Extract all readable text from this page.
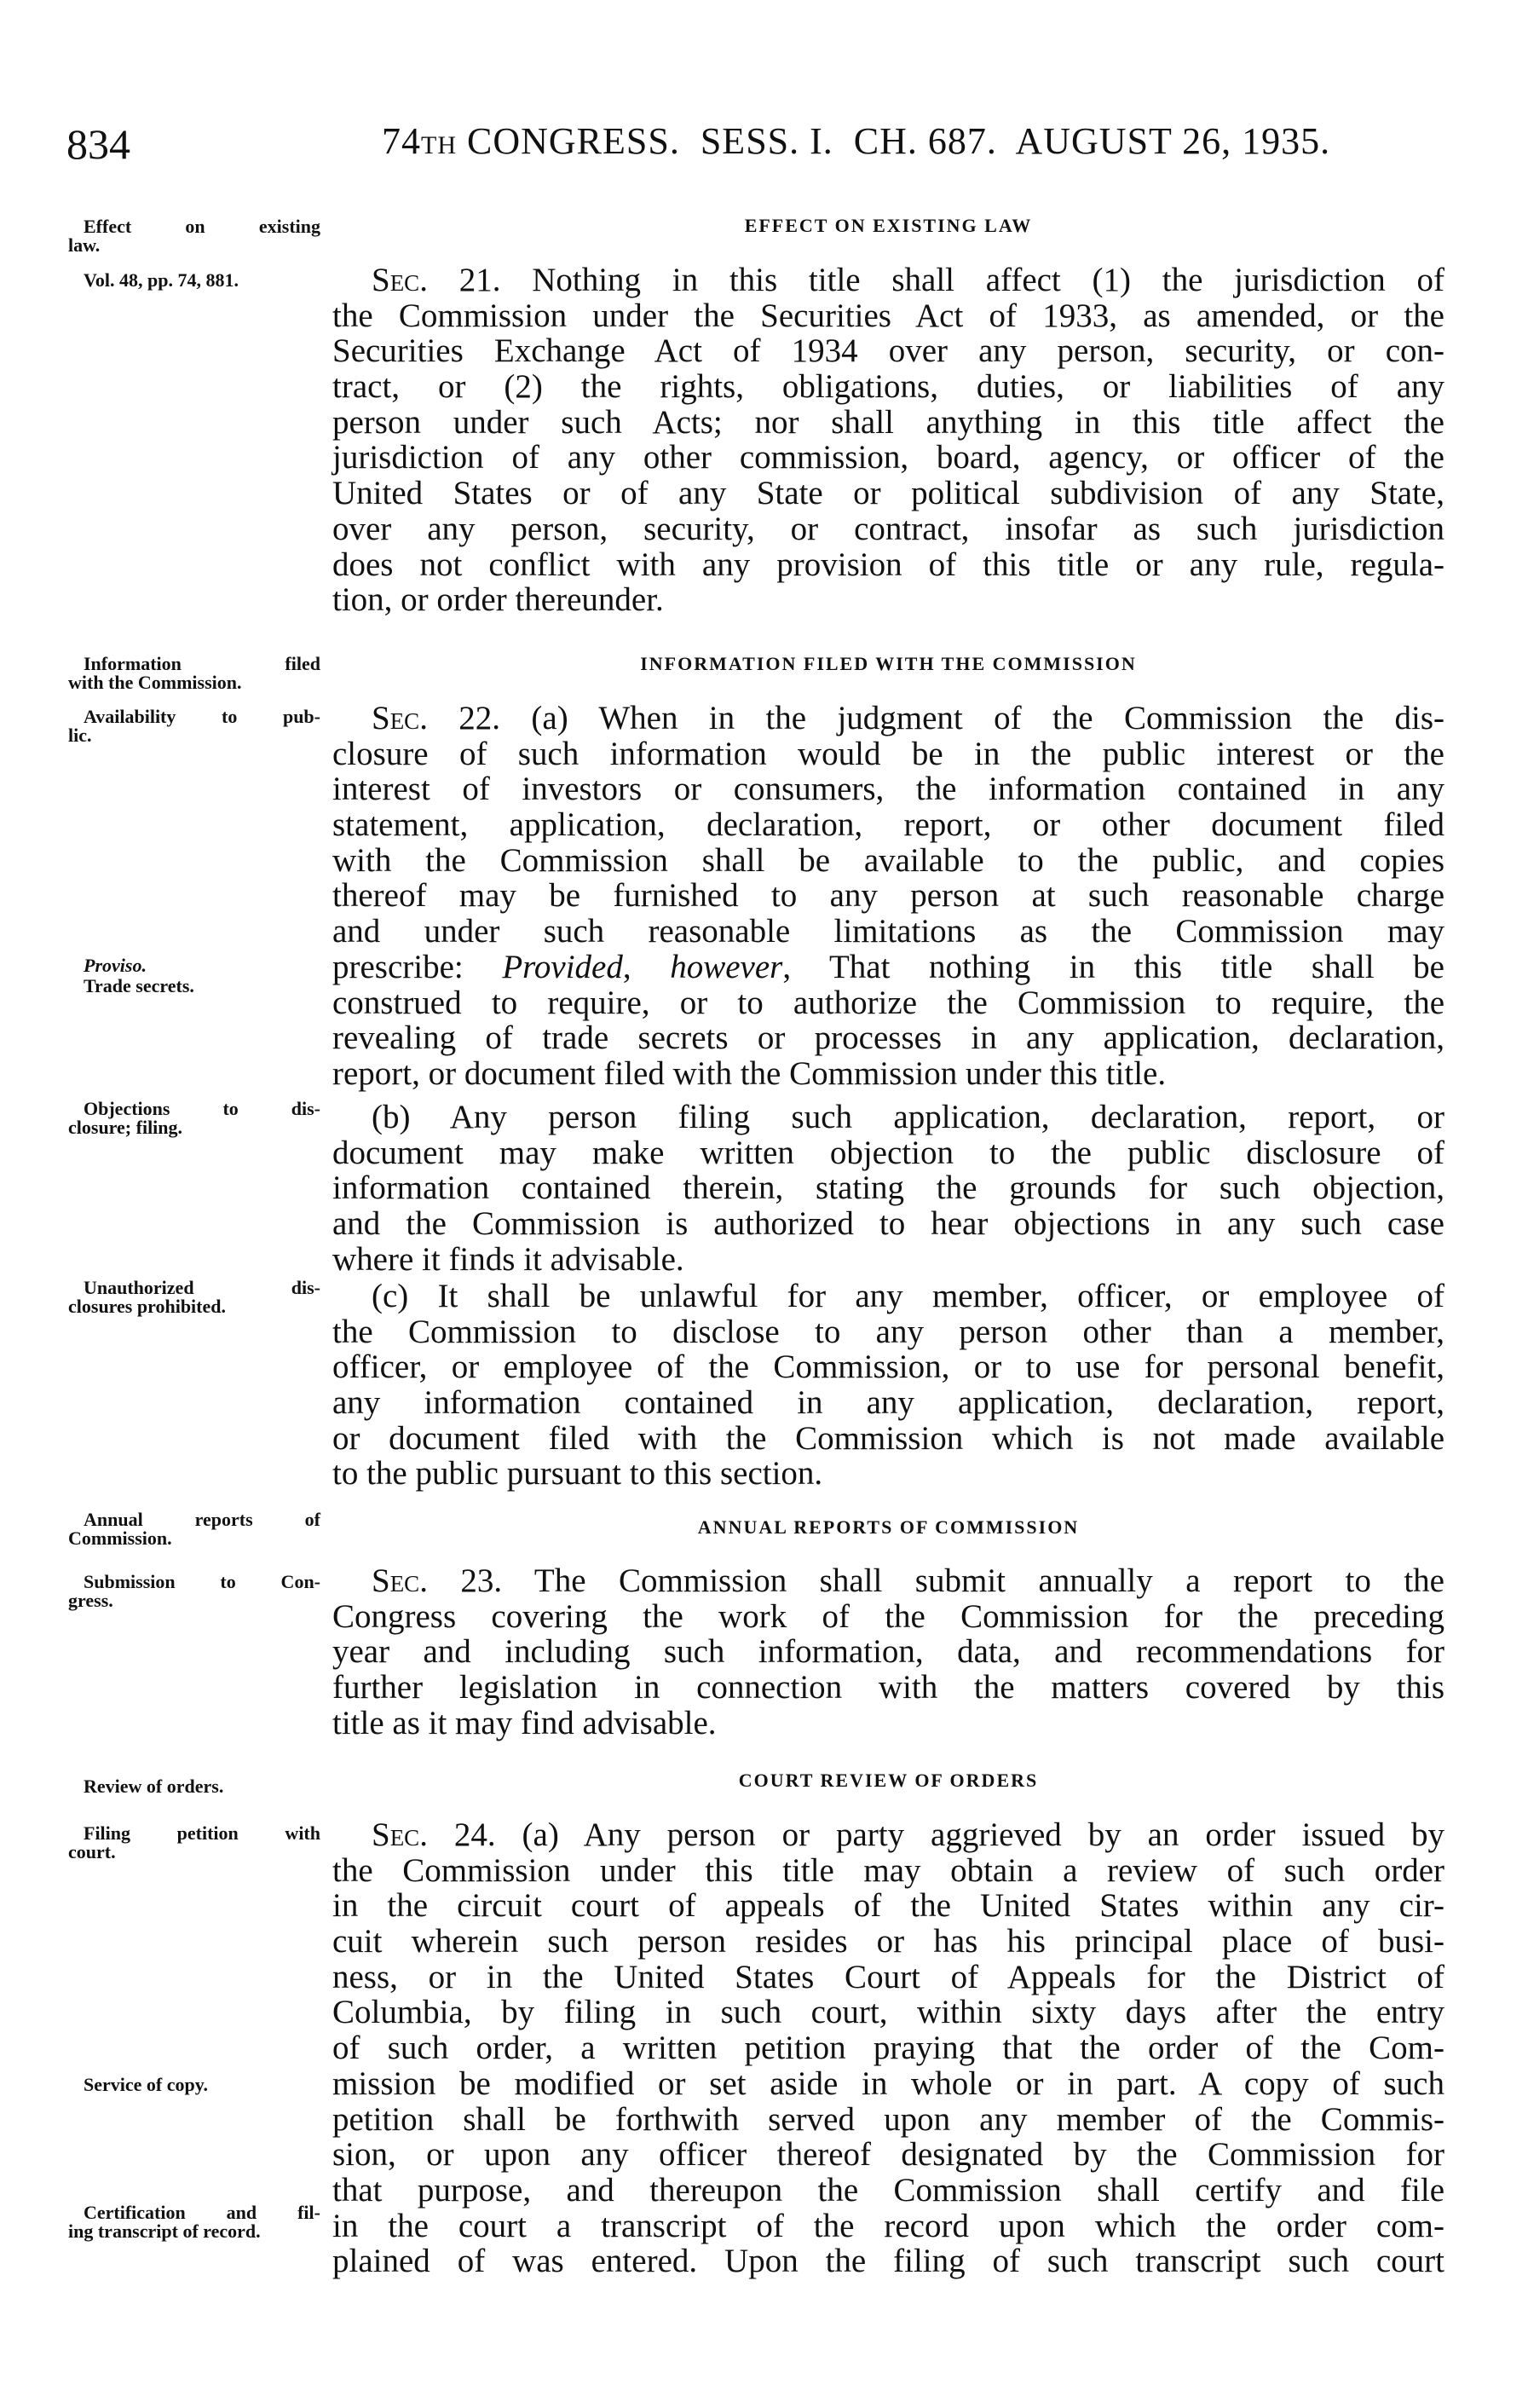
834	74TH CONGRESS.  SESS. I.  CH. 687.  AUGUST 26, 1935.
Effect on existing
law.
Vol. 48, pp. 74, 881.
Information filed
with the Commission.
Availability to pub-
lic.
Proviso.
Trade secrets.
Objections to dis-
closure; filing.
Unauthorized dis-
closures prohibited.
Annual reports of
Commission.
Submission to Con-
gress.
Review of orders.
Filing petition with
court.
Service of copy.
Certification and fil-
ing transcript of record.
EFFECT ON EXISTING LAW
INFORMATION FILED WITH THE COMMISSION
ANNUAL REPORTS OF COMMISSION
COURT REVIEW OF ORDERS
Sec. 21. Nothing in this title shall affect (1) the jurisdiction of
the Commission under the Securities Act of 1933, as amended, or the
Securities Exchange Act of 1934 over any person, security, or con-
tract, or (2) the rights, obligations, duties, or liabilities of any
person under such Acts; nor shall anything in this title affect the
jurisdiction of any other commission, board, agency, or officer of the
United States or of any State or political subdivision of any State,
over any person, security, or contract, insofar as such jurisdiction
does not conflict with any provision of this title or any rule, regula-
tion, or order thereunder.
Sec. 22. (a) When in the judgment of the Commission the dis-
closure of such information would be in the public interest or the
interest of investors or consumers, the information contained in any
statement, application, declaration, report, or other document filed
with the Commission shall be available to the public, and copies
thereof may be furnished to any person at such reasonable charge
and under such reasonable limitations as the Commission may
prescribe: Provided, however, That nothing in this title shall be
construed to require, or to authorize the Commission to require, the
revealing of trade secrets or processes in any application, declaration,
report, or document filed with the Commission under this title.
(b) Any person filing such application, declaration, report, or
document may make written objection to the public disclosure of
information contained therein, stating the grounds for such objection,
and the Commission is authorized to hear objections in any such case
where it finds it advisable.
(c) It shall be unlawful for any member, officer, or employee of
the Commission to disclose to any person other than a member,
officer, or employee of the Commission, or to use for personal benefit,
any information contained in any application, declaration, report,
or document filed with the Commission which is not made available
to the public pursuant to this section.
Sec. 23. The Commission shall submit annually a report to the
Congress covering the work of the Commission for the preceding
year and including such information, data, and recommendations for
further legislation in connection with the matters covered by this
title as it may find advisable.
Sec. 24. (a) Any person or party aggrieved by an order issued by
the Commission under this title may obtain a review of such order
in the circuit court of appeals of the United States within any cir-
cuit wherein such person resides or has his principal place of busi-
ness, or in the United States Court of Appeals for the District of
Columbia, by filing in such court, within sixty days after the entry
of such order, a written petition praying that the order of the Com-
mission be modified or set aside in whole or in part. A copy of such
petition shall be forthwith served upon any member of the Commis-
sion, or upon any officer thereof designated by the Commission for
that purpose, and thereupon the Commission shall certify and file
in the court a transcript of the record upon which the order com-
plained of was entered. Upon the filing of such transcript such court
